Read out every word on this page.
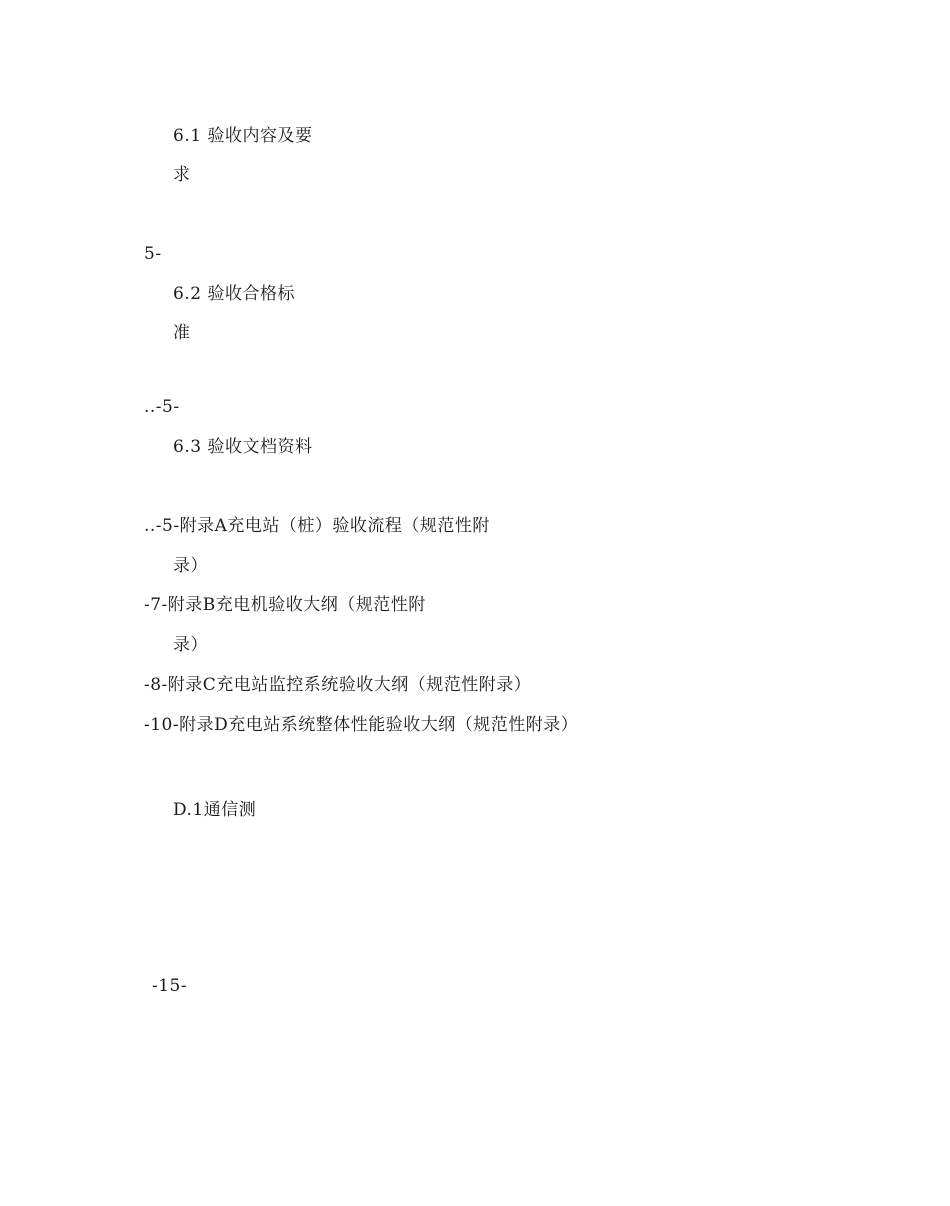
6.1 验收内容及要
求
5-
6.2 验收合格标
准
..-5-
6.3 验收文档资料
..-5-附录A充电站（桩）验收流程（规范性附
录）
-7-附录B充电机验收大纲（规范性附
录）
-8-附录C充电站监控系统验收大纲（规范性附录）
-10-附录D充电站系统整体性能验收大纲（规范性附录）
D.1通信测
-15-
